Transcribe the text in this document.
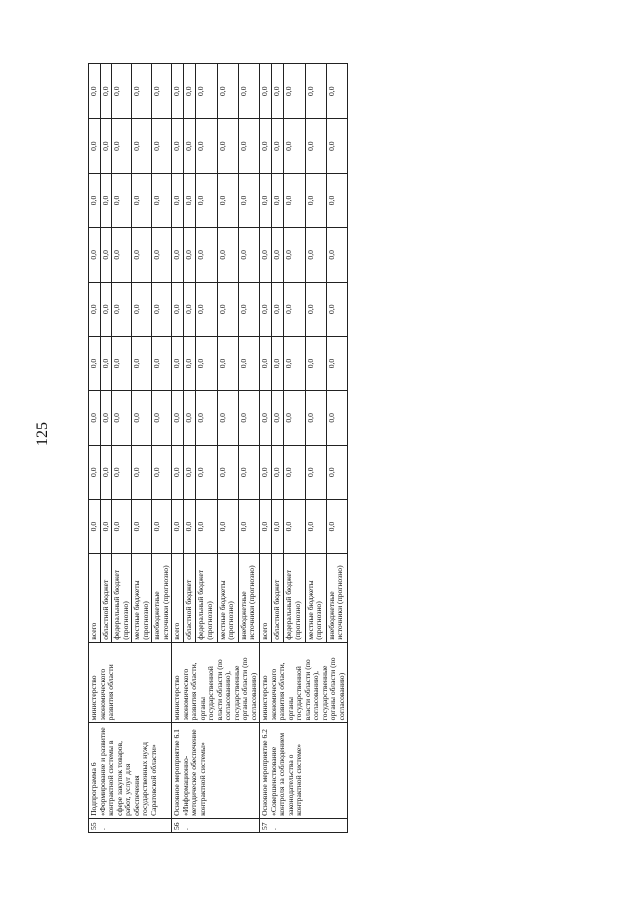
125
55.	Подпрограмма 6 «Формирование и развитие контрактной системы в сфере закупок товаров, работ, услуг для обеспечения государственных нужд Саратовской области»	министерство экономического развития области	всего	0,0	0,0	0,0	0,0	0,0	0,0	0,0	0,0	0,0
			областной бюджет	0,0	0,0	0,0	0,0	0,0	0,0	0,0	0,0	0,0
			федеральный бюджет (прогнозно)	0,0	0,0	0,0	0,0	0,0	0,0	0,0	0,0	0,0
			местные бюджеты (прогнозно)	0,0	0,0	0,0	0,0	0,0	0,0	0,0	0,0	0,0
			внебюджетные источники (прогнозно)	0,0	0,0	0,0	0,0	0,0	0,0	0,0	0,0	0,0
56.	Основное мероприятие 6.1 «Информационно-методическое обеспечение контрактной системы»	министерство экономического развития области, органы государственной власти области (по согласованию), государственные органы области (по согласованию)	всего	0,0	0,0	0,0	0,0	0,0	0,0	0,0	0,0	0,0
			областной бюджет	0,0	0,0	0,0	0,0	0,0	0,0	0,0	0,0	0,0
			федеральный бюджет (прогнозно)	0,0	0,0	0,0	0,0	0,0	0,0	0,0	0,0	0,0
			местные бюджеты (прогнозно)	0,0	0,0	0,0	0,0	0,0	0,0	0,0	0,0	0,0
			внебюджетные источники (прогнозно)	0,0	0,0	0,0	0,0	0,0	0,0	0,0	0,0	0,0
57.	Основное мероприятие 6.2 «Совершенствование контроля за соблюдением законодательства о контрактной системе»	министерство экономического развития области, органы государственной власти области (по согласованию), государственные органы области (по согласованию)	всего	0,0	0,0	0,0	0,0	0,0	0,0	0,0	0,0	0,0
			областной бюджет	0,0	0,0	0,0	0,0	0,0	0,0	0,0	0,0	0,0
			федеральный бюджет (прогнозно)	0,0	0,0	0,0	0,0	0,0	0,0	0,0	0,0	0,0
			местные бюджеты (прогнозно)	0,0	0,0	0,0	0,0	0,0	0,0	0,0	0,0	0,0
			внебюджетные источники (прогнозно)	0,0	0,0	0,0	0,0	0,0	0,0	0,0	0,0	0,0
